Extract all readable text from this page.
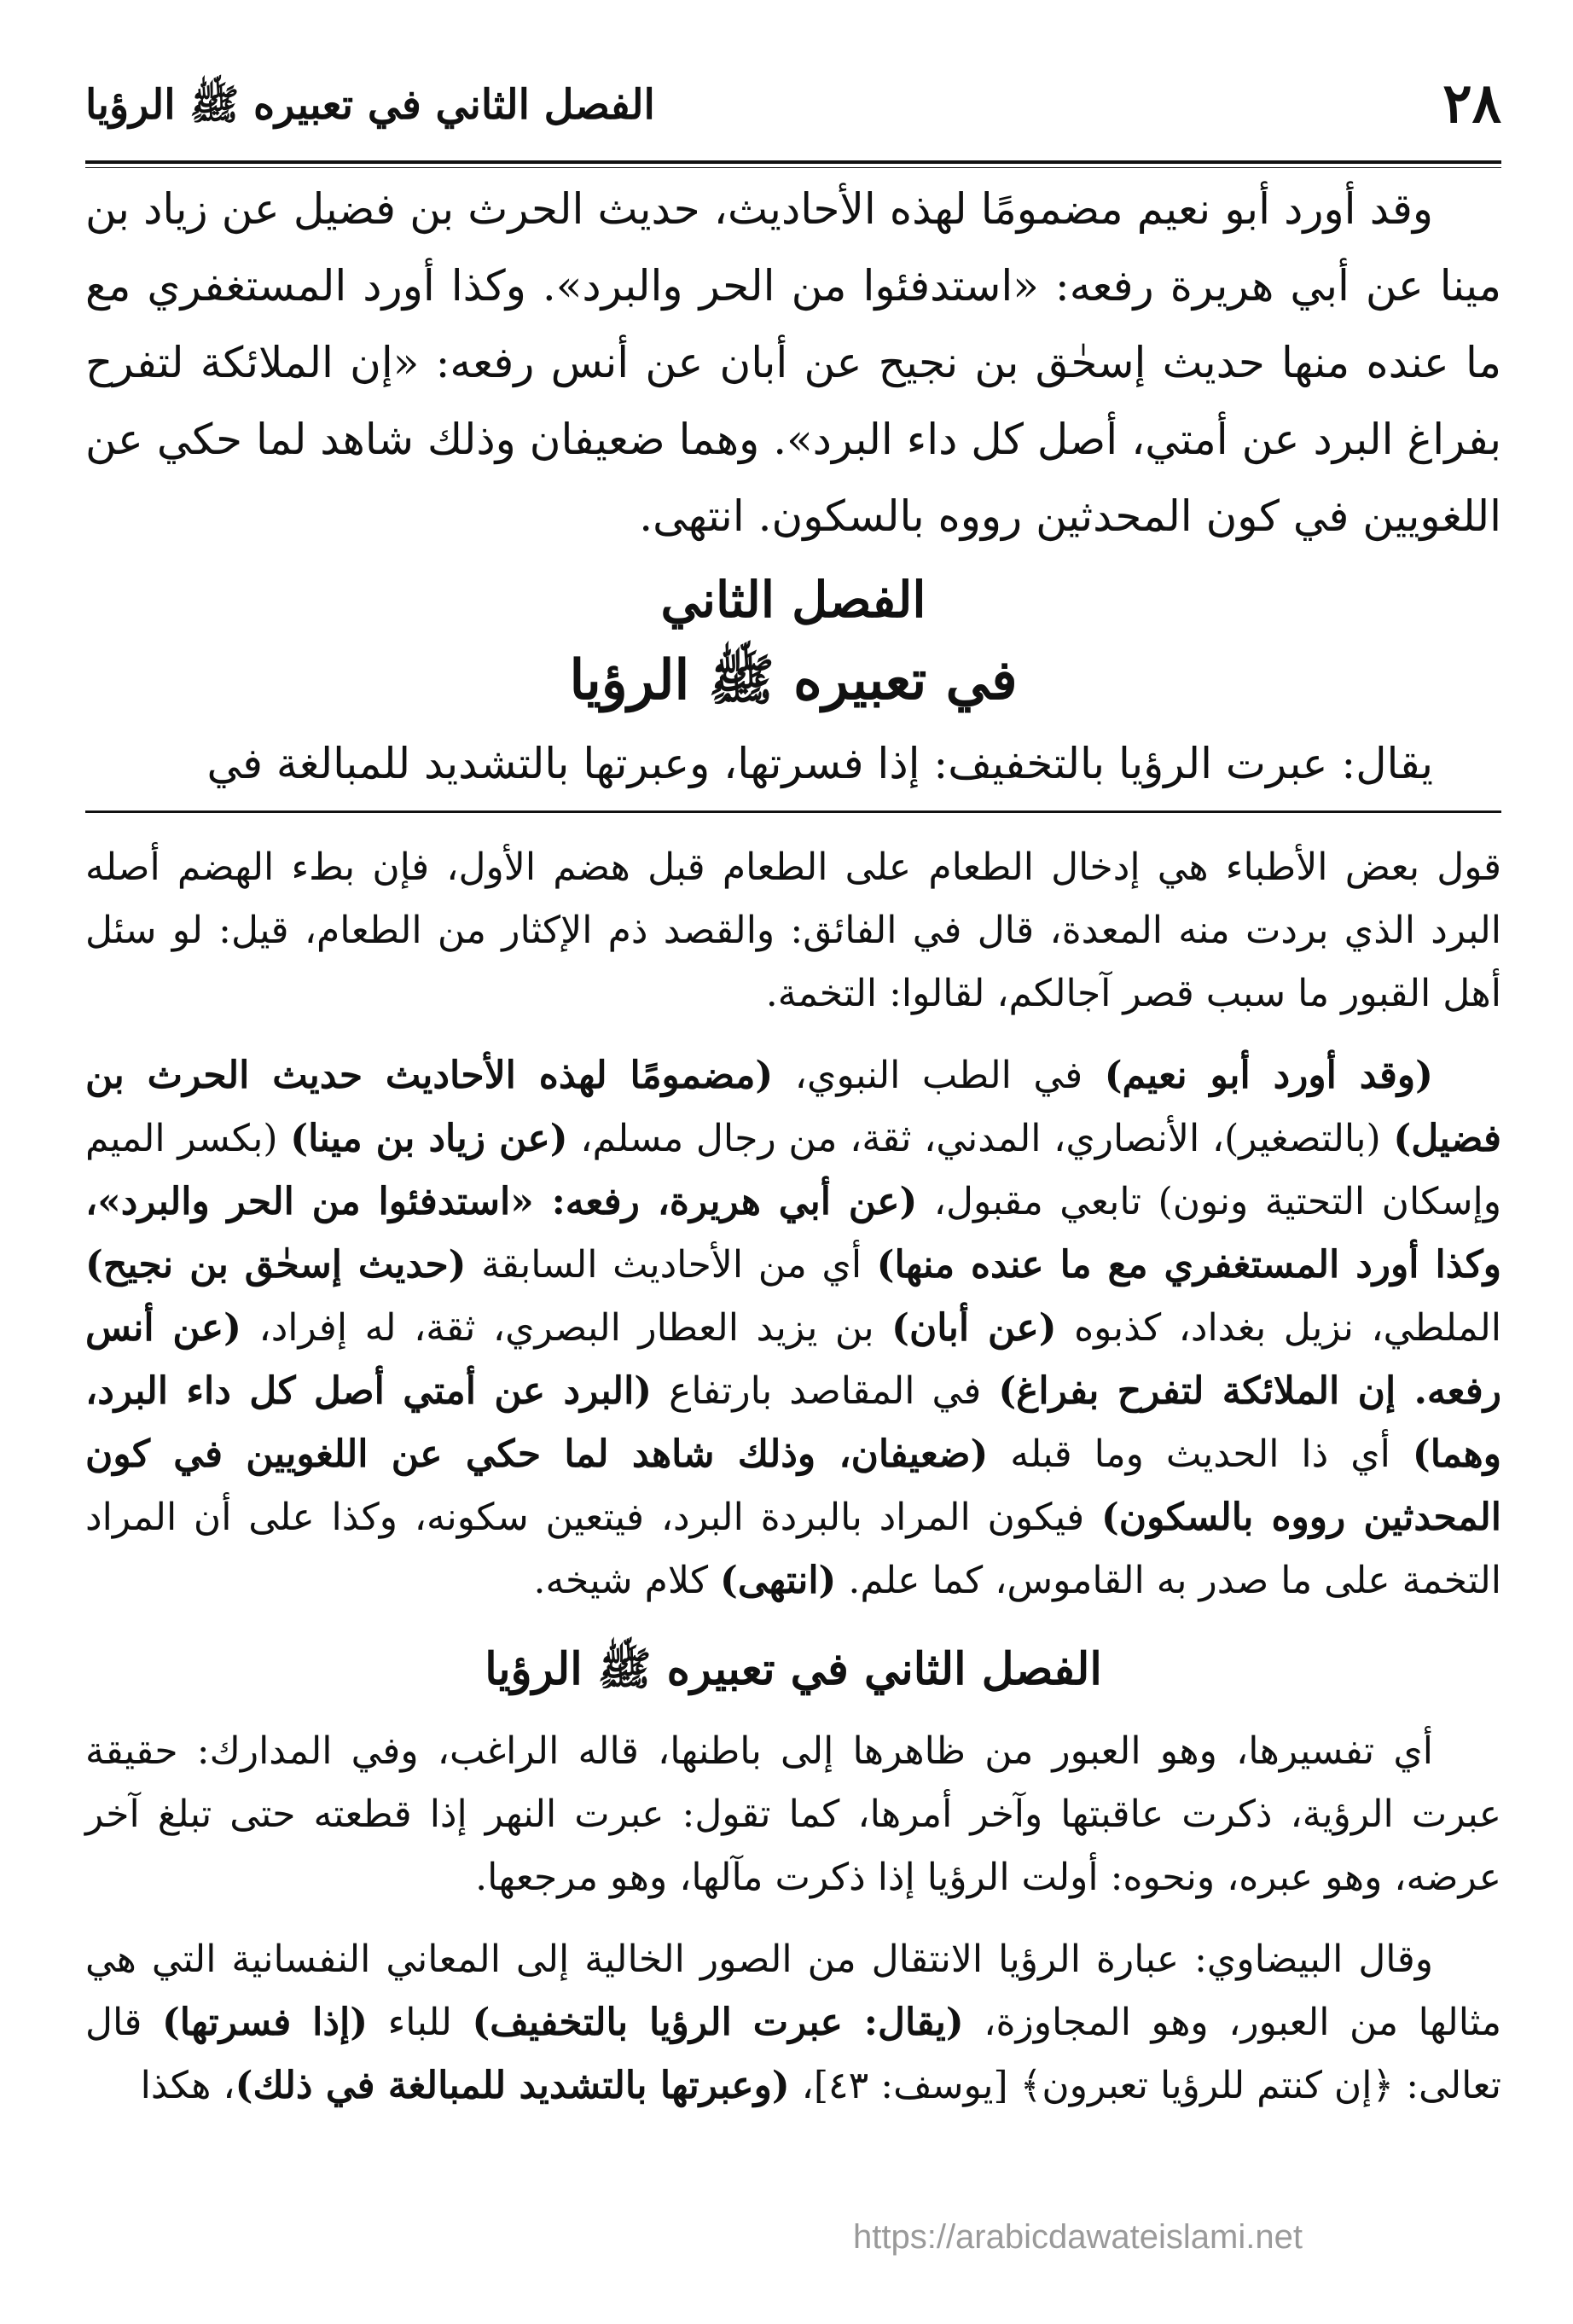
٢٨
الفصل الثاني في تعبيره ﷺ الرؤيا

وقد أورد أبو نعيم مضمومًا لهذه الأحاديث، حديث الحرث بن فضيل عن زياد بن مينا عن أبي هريرة رفعه: «استدفئوا من الحر والبرد». وكذا أورد المستغفري مع ما عنده منها حديث إسحٰق بن نجيح عن أبان عن أنس رفعه: «إن الملائكة لتفرح بفراغ البرد عن أمتي، أصل كل داء البرد». وهما ضعيفان وذلك شاهد لما حكي عن اللغويين في كون المحدثين رووه بالسكون. انتهى.

الفصل الثاني
في تعبيره ﷺ الرؤيا

يقال: عبرت الرؤيا بالتخفيف: إذا فسرتها، وعبرتها بالتشديد للمبالغة في

قول بعض الأطباء هي إدخال الطعام على الطعام قبل هضم الأول، فإن بطء الهضم أصله البرد الذي بردت منه المعدة، قال في الفائق: والقصد ذم الإكثار من الطعام، قيل: لو سئل أهل القبور ما سبب قصر آجالكم، لقالوا: التخمة.

(وقد أورد أبو نعيم) في الطب النبوي، (مضمومًا لهذه الأحاديث حديث الحرث بن فضيل) (بالتصغير)، الأنصاري، المدني، ثقة، من رجال مسلم، (عن زياد بن مينا) (بكسر الميم وإسكان التحتية ونون) تابعي مقبول، (عن أبي هريرة، رفعه: «استدفئوا من الحر والبرد»، وكذا أورد المستغفري مع ما عنده منها) أي من الأحاديث السابقة (حديث إسحٰق بن نجيح) الملطي، نزيل بغداد، كذبوه (عن أبان) بن يزيد العطار البصري، ثقة، له إفراد، (عن أنس رفعه. إن الملائكة لتفرح بفراغ) في المقاصد بارتفاع (البرد عن أمتي أصل كل داء البرد، وهما) أي ذا الحديث وما قبله (ضعيفان، وذلك شاهد لما حكي عن اللغويين في كون المحدثين رووه بالسكون) فيكون المراد بالبردة البرد، فيتعين سكونه، وكذا على أن المراد التخمة على ما صدر به القاموس، كما علم. (انتهى) كلام شيخه.

الفصل الثاني في تعبيره ﷺ الرؤيا

أي تفسيرها، وهو العبور من ظاهرها إلى باطنها، قاله الراغب، وفي المدارك: حقيقة عبرت الرؤية، ذكرت عاقبتها وآخر أمرها، كما تقول: عبرت النهر إذا قطعته حتى تبلغ آخر عرضه، وهو عبره، ونحوه: أولت الرؤيا إذا ذكرت مآلها، وهو مرجعها.

وقال البيضاوي: عبارة الرؤيا الانتقال من الصور الخالية إلى المعاني النفسانية التي هي مثالها من العبور، وهو المجاوزة، (يقال: عبرت الرؤيا بالتخفيف) للباء (إذا فسرتها) قال تعالى: ﴿إن كنتم للرؤيا تعبرون﴾ [يوسف: ٤٣]، (وعبرتها بالتشديد للمبالغة في ذلك)، هكذا

https://arabicdawateislami.net
